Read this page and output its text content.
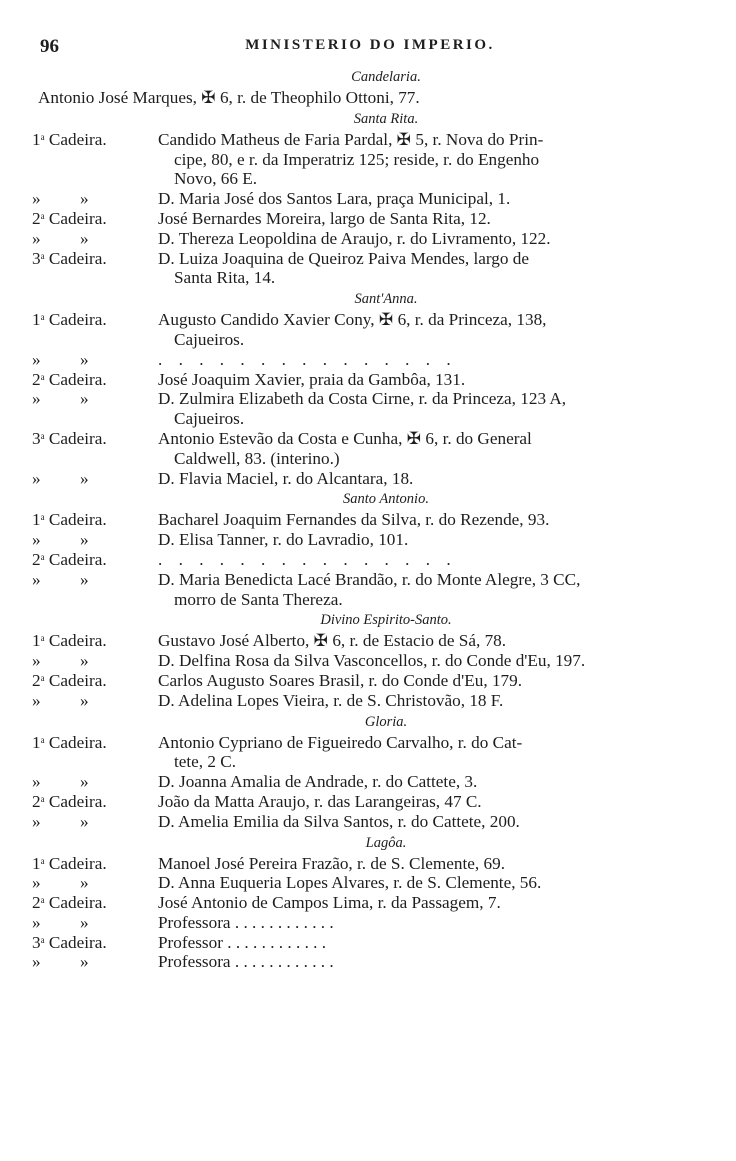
96	MINISTERIO DO IMPERIO.
Candelaria.
Antonio José Marques, ✠ 6, r. de Theophilo Ottoni, 77.
Santa Rita.
1$^a$ Cadeira.	Candido Matheus de Faria Pardal, ✠ 5, r. Nova do Prin-
cipe, 80, e r. da Imperatriz 125; reside, r. do Engenho
Novo, 66 E.
» »	D. Maria José dos Santos Lara, praça Municipal, 1.
2$^a$ Cadeira.	José Bernardes Moreira, largo de Santa Rita, 12.
» »	D. Thereza Leopoldina de Araujo, r. do Livramento, 122.
3$^a$ Cadeira.	D. Luiza Joaquina de Queiroz Paiva Mendes, largo de
Santa Rita, 14.
Sant'Anna.
1$^a$ Cadeira.	Augusto Candido Xavier Cony, ✠ 6, r. da Princeza, 138,
Cajueiros.
» »	. . . . . . . . . . . . . . .
2$^a$ Cadeira.	José Joaquim Xavier, praia da Gambôa, 131.
» »	D. Zulmira Elizabeth da Costa Cirne, r. da Princeza, 123 A,
Cajueiros.
3$^a$ Cadeira.	Antonio Estevão da Costa e Cunha, ✠ 6, r. do General
Caldwell, 83. (interino.)
» »	D. Flavia Maciel, r. do Alcantara, 18.
Santo Antonio.
1$^a$ Cadeira.	Bacharel Joaquim Fernandes da Silva, r. do Rezende, 93.
» »	D. Elisa Tanner, r. do Lavradio, 101.
2$^a$ Cadeira.	. . . . . . . . . . . . . . .
» »	D. Maria Benedicta Lacé Brandão, r. do Monte Alegre, 3 CC,
morro de Santa Thereza.
Divino Espirito-Santo.
1$^a$ Cadeira.	Gustavo José Alberto, ✠ 6, r. de Estacio de Sá, 78.
» »	D. Delfina Rosa da Silva Vasconcellos, r. do Conde d'Eu, 197.
2$^a$ Cadeira.	Carlos Augusto Soares Brasil, r. do Conde d'Eu, 179.
» »	D. Adelina Lopes Vieira, r. de S. Christovão, 18 F.
Gloria.
1$^a$ Cadeira.	Antonio Cypriano de Figueiredo Carvalho, r. do Cat-
tete, 2 C.
» »	D. Joanna Amalia de Andrade, r. do Cattete, 3.
2$^a$ Cadeira.	João da Matta Araujo, r. das Larangeiras, 47 C.
» »	D. Amelia Emilia da Silva Santos, r. do Cattete, 200.
Lagôa.
1$^a$ Cadeira.	Manoel José Pereira Frazão, r. de S. Clemente, 69.
» »	D. Anna Euqueria Lopes Alvares, r. de S. Clemente, 56.
2$^a$ Cadeira.	José Antonio de Campos Lima, r. da Passagem, 7.
» »	Professora . . . . . . . . . . . .
3$^a$ Cadeira.	Professor . . . . . . . . . . . .
» »	Professora . . . . . . . . . . . .
